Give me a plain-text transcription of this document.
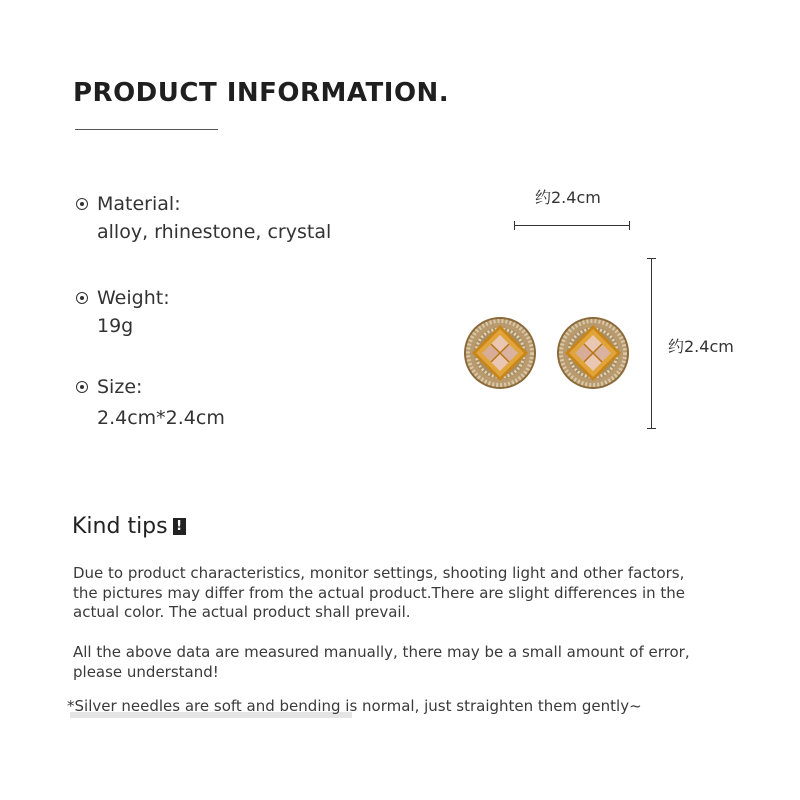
PRODUCT INFORMATION.
Material:
alloy, rhinestone, crystal
Weight:
19g
Size:
2.4cm*2.4cm
约2.4cm
约2.4cm
Kind tips !
Due to product characteristics, monitor settings, shooting light and other factors, the pictures may differ from the actual product.There are slight differences in the actual color. The actual product shall prevail.
All the above data are measured manually, there may be a small amount of error, please understand!
*Silver needles are soft and bending is normal, just straighten them gently~
